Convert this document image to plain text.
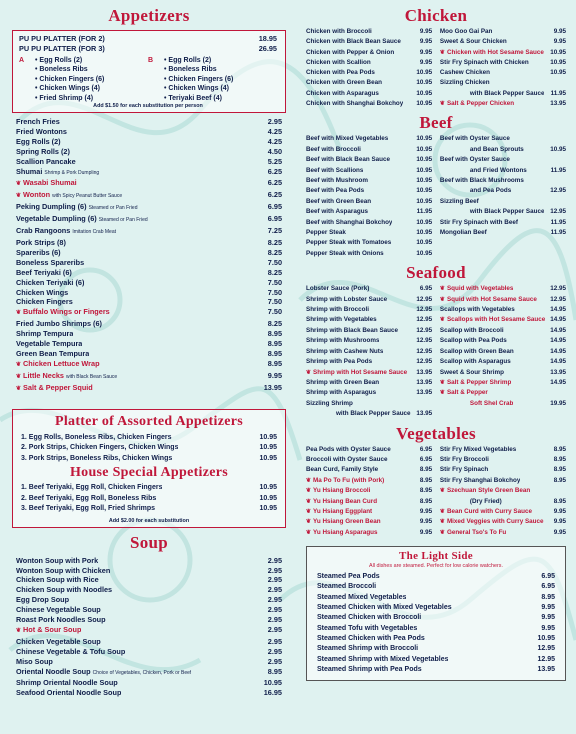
Appetizers
PU PU PLATTER (FOR 2)	18.95
PU PU PLATTER (FOR 3)	26.95
A	• Egg Rolls (2)
• Boneless Ribs
• Chicken Fingers (6)
• Chicken Wings (4)
• Fried Shrimp (4)
B	• Egg Rolls (2)
• Boneless Ribs
• Chicken Fingers (6)
• Chicken Wings (4)
• Teriyaki Beef (4)
Add $1.50 for each substitution per person
French Fries	2.95
Fried Wontons	4.25
Egg Rolls (2)	4.25
Spring Rolls (2)	4.50
Scallion Pancake	5.25
Shumai Shrimp & Pork Dumpling	6.25
❦ Wasabi Shumai	6.25
❦ Wonton with Spicy Peanut Butter Sauce	6.25
Peking Dumpling (6) Steamed or Pan Fried	6.95
Vegetable Dumpling (6) Steamed or Pan Fried	6.95
Crab Rangoons Imitation Crab Meat	7.25
Pork Strips (8)	8.25
Spareribs (6)	8.25
Boneless Spareribs	7.50
Beef Teriyaki (6)	8.25
Chicken Teriyaki (6)	7.50
Chicken Wings	7.50
Chicken Fingers	7.50
❦ Buffalo Wings or Fingers	7.50
Fried Jumbo Shrimps (6)	8.25
Shrimp Tempura	8.95
Vegetable Tempura	8.95
Green Bean Tempura	8.95
❦ Chicken Lettuce Wrap	8.95
❦ Little Necks with Black Bean Sauce	9.95
❦ Salt & Pepper Squid	13.95
Platter of Assorted Appetizers
1. Egg Rolls, Boneless Ribs, Chicken Fingers	10.95
2. Pork Strips, Chicken Fingers, Chicken Wings	10.95
3. Pork Strips, Boneless Ribs, Chicken Wings	10.95
House Special Appetizers
1. Beef Teriyaki, Egg Roll, Chicken Fingers	10.95
2. Beef Teriyaki, Egg Roll, Boneless Ribs	10.95
3. Beef Teriyaki, Egg Roll, Fried Shrimps	10.95
Add $2.00 for each substitution
Soup
Wonton Soup with Pork	2.95
Wonton Soup with Chicken	2.95
Chicken Soup with Rice	2.95
Chicken Soup with Noodles	2.95
Egg Drop Soup	2.95
Chinese Vegetable Soup	2.95
Roast Pork Noodles Soup	2.95
❦ Hot & Sour Soup	2.95
Chicken Vegetable Soup	2.95
Chinese Vegetable & Tofu Soup	2.95
Miso Soup	2.95
Oriental Noodle Soup Choice of Vegetables, Chicken, Pork or Beef	8.95
Shrimp Oriental Noodle Soup	10.95
Seafood Oriental Noodle Soup	16.95
Chicken
Chicken with Broccoli	9.95
Chicken with Black Bean Sauce	9.95
Chicken with Pepper & Onion	9.95
Chicken with Scallion	9.95
Chicken with Pea Pods	10.95
Chicken with Green Bean	10.95
Chicken with Asparagus	10.95
Chicken with Shanghai Bokchoy	10.95
Moo Goo Gai Pan	9.95
Sweet & Sour Chicken	9.95
❦ Chicken with Hot Sesame Sauce	10.95
Stir Fry Spinach with Chicken	10.95
Cashew Chicken	10.95
Sizzling Chicken
with Black Pepper Sauce 11.95
❦ Salt & Pepper Chicken	13.95
Beef
Beef with Mixed Vegetables	10.95
Beef with Broccoli	10.95
Beef with Black Bean Sauce	10.95
Beef with Scallions	10.95
Beef with Mushroom	10.95
Beef with Pea Pods	10.95
Beef with Green Bean	10.95
Beef with Asparagus	11.95
Beef with Shanghai Bokchoy	10.95
Pepper Steak	10.95
Pepper Steak with Tomatoes	10.95
Pepper Steak with Onions	10.95
Beef with Oyster Sauce
and Bean Sprouts	10.95
Beef with Oyster Sauce
and Fried Wontons	11.95
Beef with Black Mushrooms
and Pea Pods	12.95
Sizzling Beef
with Black Pepper Sauce 12.95
Stir Fry Spinach with Beef	11.95
Mongolian Beef	11.95
Seafood
Lobster Sauce (Pork)	6.95
Shrimp with Lobster Sauce	12.95
Shrimp with Broccoli	12.95
Shrimp with Vegetables	12.95
Shrimp with Black Bean Sauce	12.95
Shrimp with Mushrooms	12.95
Shrimp with Cashew Nuts	12.95
Shrimp with Pea Pods	12.95
❦ Shrimp with Hot Sesame Sauce	13.95
Shrimp with Green Bean	13.95
Shrimp with Asparagus	13.95
Sizzling Shrimp
with Black Pepper Sauce 13.95
❦ Squid with Vegetables	12.95
❦ Squid with Hot Sesame Sauce	12.95
Scallops with Vegetables	14.95
❦ Scallops with Hot Sesame Sauce 14.95
Scallop with Broccoli	14.95
Scallop with Pea Pods	14.95
Scallop with Green Bean	14.95
Scallop with Asparagus	14.95
Sweet & Sour Shrimp	13.95
❦ Salt & Pepper Shrimp	14.95
❦ Salt & Pepper
Soft Shel Crab	19.95
Vegetables
Pea Pods with Oyster Sauce	6.95
Broccoli with Oyster Sauce	6.95
Bean Curd, Family Style	8.95
❦ Ma Po To Fu (with Pork)	8.95
❦ Yu Hsiang Broccoli	8.95
❦ Yu Hsiang Bean Curd	8.95
❦ Yu Hsiang Eggplant	9.95
❦ Yu Hsiang Green Bean	9.95
❦ Yu Hsiang Asparagus	9.95
Stir Fry Mixed Vegetables	8.95
Stir Fry Broccoli	8.95
Stir Fry Spinach	8.95
Stir Fry Shanghai Bokchoy	8.95
❦ Szechuan Style Green Bean
(Dry Fried)	8.95
❦ Bean Curd with Curry Sauce	9.95
❦ Mixed Veggies with Curry Sauce	9.95
❦ General Tso's To Fu	9.95
The Light Side
All dishes are steamed. Perfect for low calorie watchers.
Steamed Pea Pods	6.95
Steamed Broccoli	6.95
Steamed Mixed Vegetables	8.95
Steamed Chicken with Mixed Vegetables	9.95
Steamed Chicken with Broccoli	9.95
Steamed Tofu with Vegetables	9.95
Steamed Chicken with Pea Pods	10.95
Steamed Shrimp with Broccoli	12.95
Steamed Shrimp with Mixed Vegetables	12.95
Steamed Shrimp with Pea Pods	13.95
